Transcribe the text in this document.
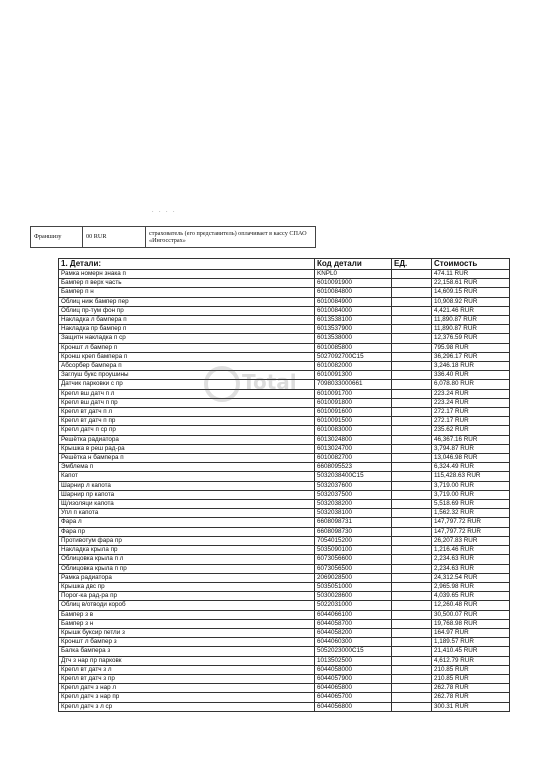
. . . .
Франшизу	00 RUR	страхователь (его представитель) оплачивает в кассу СПАО «Ингосстрах»
1. Детали:	Код детали	ЕД.	Стоимость
Рамка номерн знака п	KNPL0		474.11 RUR
Бампер п верх часть	6010091900		22,158.61 RUR
Бампер п н	6010084800		14,609.15 RUR
Облиц ниж бампер пер	6010084900		10,908.92 RUR
Облиц пр-тум фон пр	6010084000		4,421.46 RUR
Накладка л бампера п	6013538100		11,890.87 RUR
Накладка пр бампер п	6013537900		11,890.87 RUR
Защитн накладка п ср	6013538000		12,376.59 RUR
Кроншт л бампер п	6010085800		795.98 RUR
Кронш креп бампера п	5027092700C15		36,296.17 RUR
Абсорбер бампера п	6010082000		3,246.18 RUR
Заглуш букс проушины	6010091300		336.40 RUR
Датчик парковки с пр	7098033000661		6,078.80 RUR
Крепл вш датч п л	6010091700		223.24 RUR
Крепл вш датч п пр	6010091800		223.24 RUR
Крепл вт датч п л	6010091600		272.17 RUR
Крепл вт датч п пр	6010091500		272.17 RUR
Крепл датч п ср пр	6010083000		235.62 RUR
Решётка радиатора	6013024800		46,367.16 RUR
Крышка в реш рад-ра	6013024700		3,794.87 RUR
Решётка н бампера п	6010082700		13,046.98 RUR
Эмблема п	6608095523		6,324.49 RUR
Капот	5032038400C15		115,428.63 RUR
Шарнир л капота	5032037600		3,719.00 RUR
Шарнир пр капота	5032037500		3,719.00 RUR
Щ/изоляци капота	5032038200		5,518.69 RUR
Упл п капота	5032038100		1,562.32 RUR
Фара л	6608098731		147,797.72 RUR
Фара пр	6608098730		147,797.72 RUR
Противотум фара пр	7054015200		26,207.83 RUR
Накладка крыла пр	5035090100		1,216.46 RUR
Облицовка крыла п л	6073056600		2,234.63 RUR
Облицовка крыла п пр	6073056500		2,234.63 RUR
Рамка радиатора	2069028500		24,312.54 RUR
Крышка двс пр	5035051000		2,965.98 RUR
Порог-ка рад-ра пр	5030028600		4,039.65 RUR
Облиц в/отводи короб	5022031000		12,260.48 RUR
Бампер з в	6044066100		30,500.07 RUR
Бампер з н	6044058700		19,768.98 RUR
Крышк буксир петли з	6044058200		164.97 RUR
Кроншт л бампер з	6044060300		1,189.57 RUR
Балка бампера з	5052023000C15		21,410.45 RUR
Дтч з нар пр парковк	1013502500		4,612.79 RUR
Крепл вт датч з л	6044058000		210.85 RUR
Крепл вт датч з пр	6044057900		210.85 RUR
Крепл датч з нар л	6044065800		262.78 RUR
Крепл датч з нар пр	6044065700		262.78 RUR
Крепл датч з л ср	6044056800		300.31 RUR
Total
